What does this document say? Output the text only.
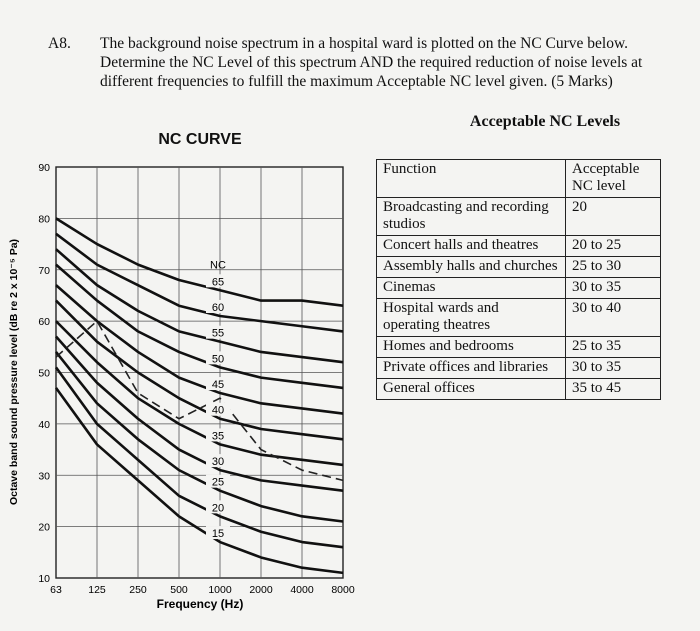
A8. The background noise spectrum in a hospital ward is plotted on the NC Curve below. Determine the NC Level of this spectrum AND the required reduction of noise levels at different frequencies to fulfill the maximum Acceptable NC level given. (5 Marks)
NC CURVE
65
60
55
50
45
40
35
30
25
20
15
NC
10
20
30
40
50
60
70
80
90
63	125 250 500 1000 2000 4000 8000
Frequency (Hz)
Octave band sound pressure level (dB re 2 x 10⁻⁵ Pa)
Acceptable NC Levels
Function	Acceptable NC level
Broadcasting and recording studios	20
Concert halls and theatres	20 to 25
Assembly halls and churches	25 to 30
Cinemas	30 to 35
Hospital wards and operating theatres	30 to 40
Homes and bedrooms	25 to 35
Private offices and libraries	30 to 35
General offices	35 to 45
